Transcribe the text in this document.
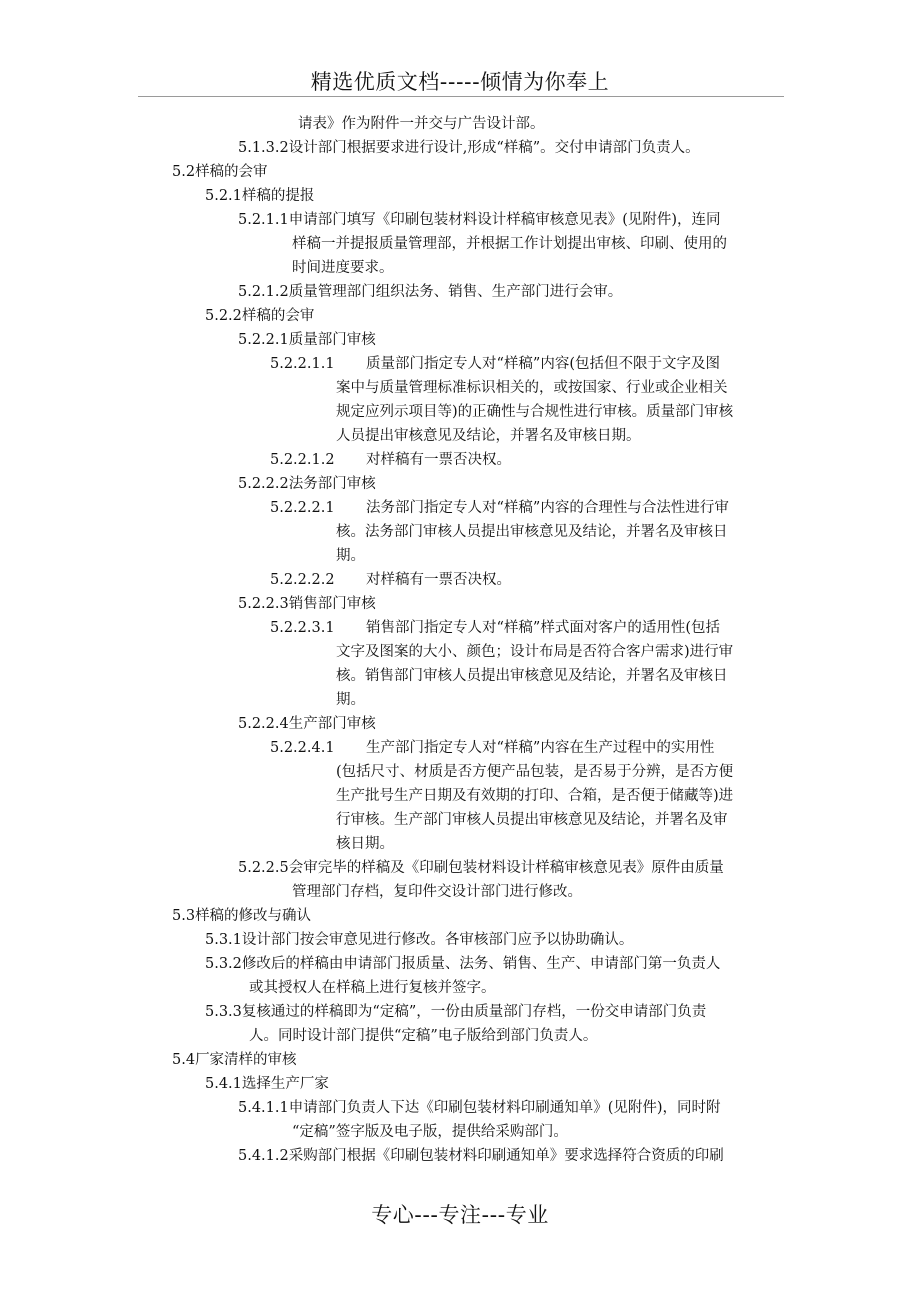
精选优质文档-----倾情为你奉上
请表》作为附件一并交与广告设计部。
5.1.3.2设计部门根据要求进行设计,形成“样稿”。交付申请部门负责人。
5.2样稿的会审
5.2.1样稿的提报
5.2.1.1申请部门填写《印刷包装材料设计样稿审核意见表》(见附件)，连同
样稿一并提报质量管理部，并根据工作计划提出审核、印刷、使用的
时间进度要求。
5.2.1.2质量管理部门组织法务、销售、生产部门进行会审。
5.2.2样稿的会审
5.2.2.1质量部门审核
5.2.2.1.1 质量部门指定专人对“样稿”内容(包括但不限于文字及图
案中与质量管理标准标识相关的，或按国家、行业或企业相关
规定应列示项目等)的正确性与合规性进行审核。质量部门审核
人员提出审核意见及结论，并署名及审核日期。
5.2.2.1.2 对样稿有一票否决权。
5.2.2.2法务部门审核
5.2.2.2.1 法务部门指定专人对“样稿”内容的合理性与合法性进行审
核。法务部门审核人员提出审核意见及结论，并署名及审核日
期。
5.2.2.2.2 对样稿有一票否决权。
5.2.2.3销售部门审核
5.2.2.3.1 销售部门指定专人对“样稿”样式面对客户的适用性(包括
文字及图案的大小、颜色；设计布局是否符合客户需求)进行审
核。销售部门审核人员提出审核意见及结论，并署名及审核日
期。
5.2.2.4生产部门审核
5.2.2.4.1 生产部门指定专人对“样稿”内容在生产过程中的实用性
(包括尺寸、材质是否方便产品包装，是否易于分辨，是否方便
生产批号生产日期及有效期的打印、合箱，是否便于储藏等)进
行审核。生产部门审核人员提出审核意见及结论，并署名及审
核日期。
5.2.2.5会审完毕的样稿及《印刷包装材料设计样稿审核意见表》原件由质量
管理部门存档，复印件交设计部门进行修改。
5.3样稿的修改与确认
5.3.1设计部门按会审意见进行修改。各审核部门应予以协助确认。
5.3.2修改后的样稿由申请部门报质量、法务、销售、生产、申请部门第一负责人
或其授权人在样稿上进行复核并签字。
5.3.3复核通过的样稿即为“定稿”，一份由质量部门存档，一份交申请部门负责
人。同时设计部门提供“定稿”电子版给到部门负责人。
5.4厂家清样的审核
5.4.1选择生产厂家
5.4.1.1申请部门负责人下达《印刷包装材料印刷通知单》(见附件)，同时附
“定稿”签字版及电子版，提供给采购部门。
5.4.1.2采购部门根据《印刷包装材料印刷通知单》要求选择符合资质的印刷
专心---专注---专业
